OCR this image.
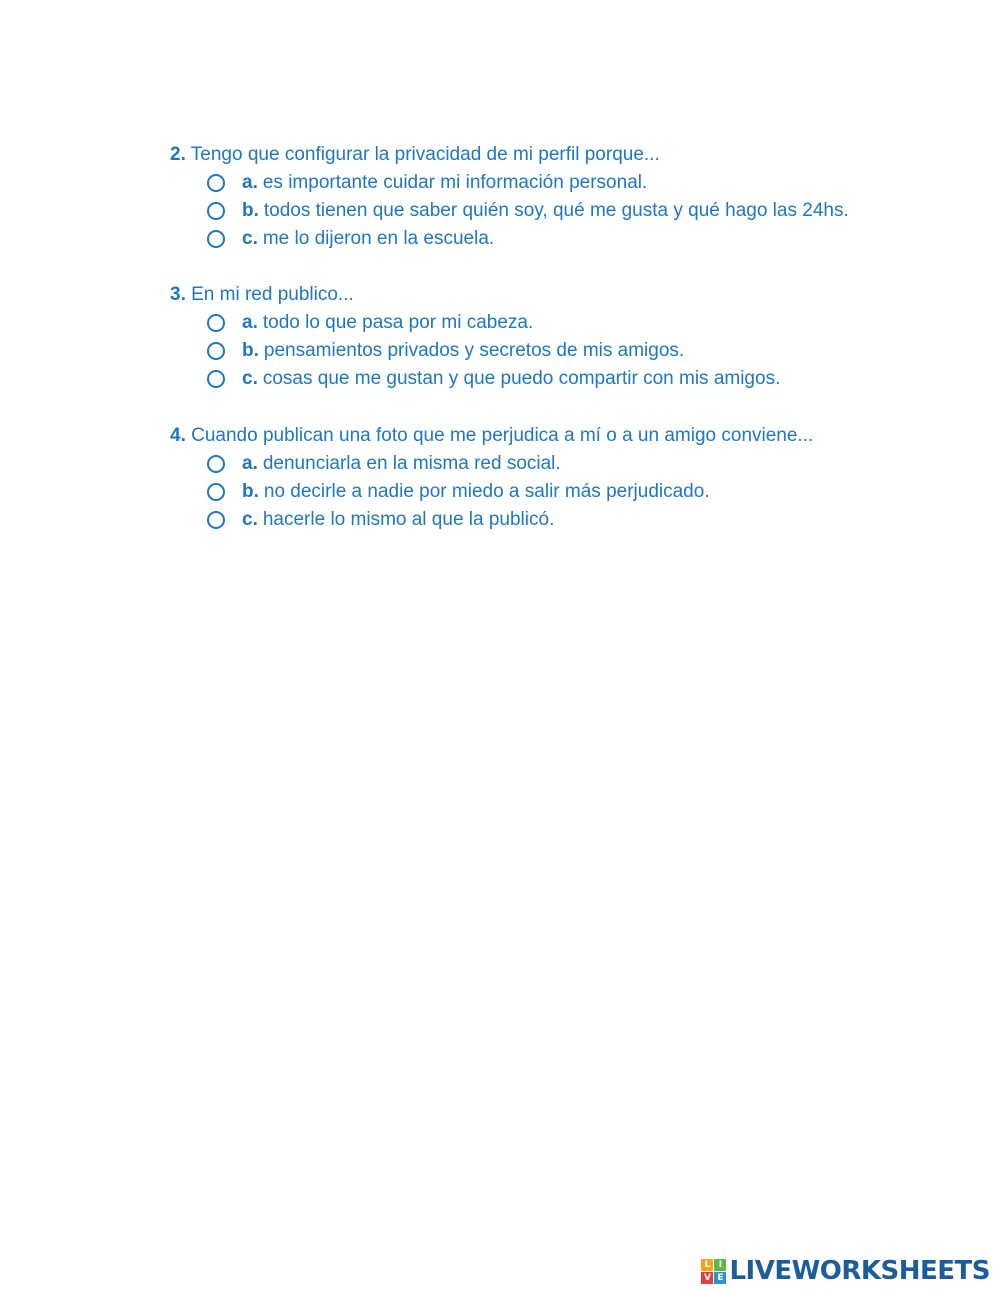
2. Tengo que configurar la privacidad de mi perfil porque...
a. es importante cuidar mi información personal.
b. todos tienen que saber quién soy, qué me gusta y qué hago las 24hs.
c. me lo dijeron en la escuela.
3. En mi red publico...
a. todo lo que pasa por mi cabeza.
b. pensamientos privados y secretos de mis amigos.
c. cosas que me gustan y que puedo compartir con mis amigos.
4. Cuando publican una foto que me perjudica a mí o a un amigo conviene...
a. denunciarla en la misma red social.
b. no decirle a nadie por miedo a salir más perjudicado.
c. hacerle lo mismo al que la publicó.
L I
V E LIVEWORKSHEETS
